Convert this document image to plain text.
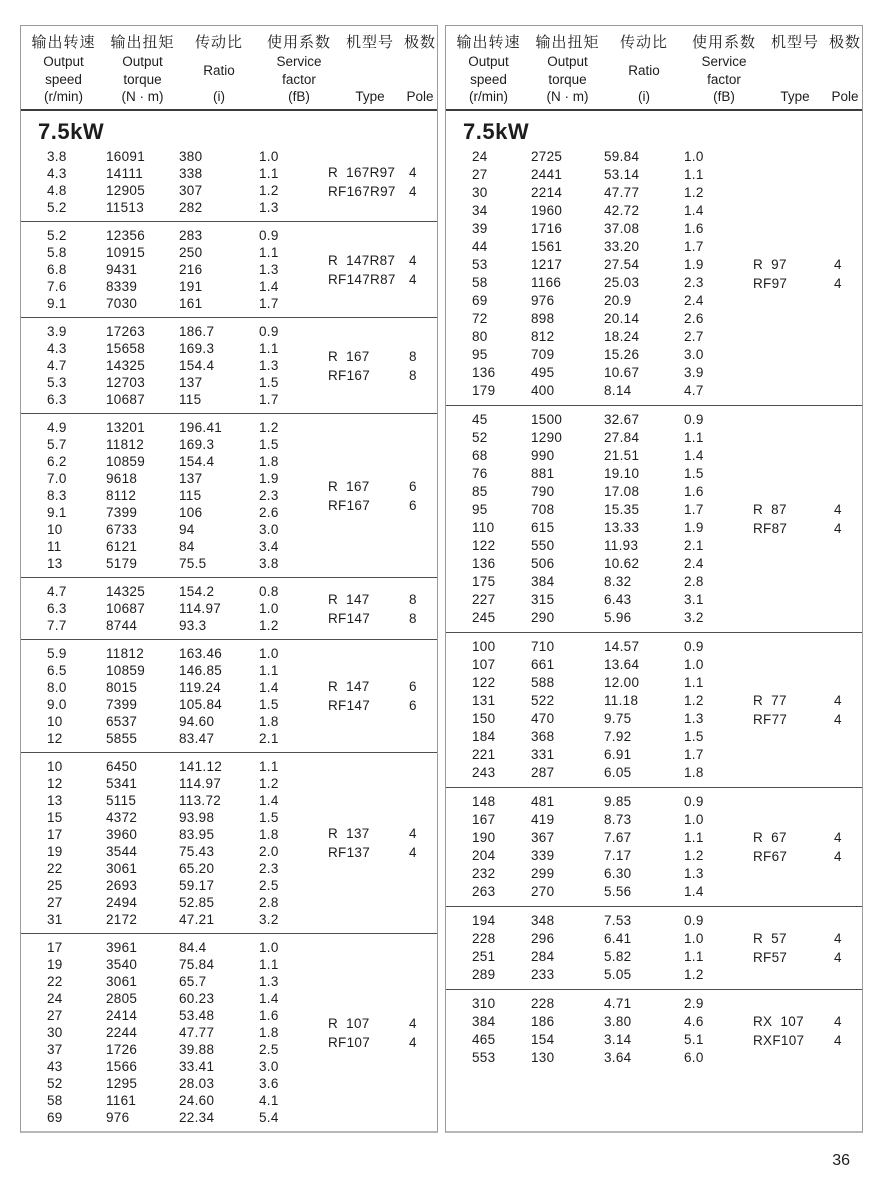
输出转速
Output
speed
(r/min)
输出扭矩
Output
torque
(N · m)
传动比
Ratio
(i)
使用系数
Service
factor
(fB)
机型号
Type
极数
Pole
7.5kW
3.8	16091	380	1.0
4.3	14111	338	1.1
4.8	12905	307	1.2
5.2	11513	282	1.3
R  167R97	4
RF167R97 4
5.2	12356	283	0.9
5.8	10915	250	1.1
6.8	9431	216	1.3
7.6	8339	191	1.4
9.1	7030	161	1.7
R  147R87	4
RF147R87 4
3.9	17263	186.7	0.9
4.3	15658	169.3	1.1
4.7	14325	154.4	1.3
5.3	12703	137	1.5
6.3	10687	115	1.7
R  167	8
RF167	8
4.9	13201	196.41	1.2
5.7	11812	169.3	1.5
6.2	10859	154.4	1.8
7.0	9618	137	1.9
8.3	8112	115	2.3
9.1	7399	106	2.6
10	6733	94	3.0
11	6121	84	3.4
13	5179	75.5	3.8
R  167	6
RF167	6
4.7	14325	154.2	0.8
6.3	10687	114.97	1.0
7.7	8744	93.3	1.2
R  147	8
RF147	8
5.9	11812	163.46	1.0
6.5	10859	146.85	1.1
8.0	8015	119.24	1.4
9.0	7399	105.84	1.5
10	6537	94.60	1.8
12	5855	83.47	2.1
R  147	6
RF147	6
10	6450	141.12	1.1
12	5341	114.97	1.2
13	5115	113.72	1.4
15	4372	93.98	1.5
17	3960	83.95	1.8
19	3544	75.43	2.0
22	3061	65.20	2.3
25	2693	59.17	2.5
27	2494	52.85	2.8
31	2172	47.21	3.2
R  137	4
RF137	4
17	3961	84.4	1.0
19	3540	75.84	1.1
22	3061	65.7	1.3
24	2805	60.23	1.4
27	2414	53.48	1.6
30	2244	47.77	1.8
37	1726	39.88	2.5
43	1566	33.41	3.0
52	1295	28.03	3.6
58	1161	24.60	4.1
69	976	22.34	5.4
R  107	4
RF107	4
输出转速
Output
speed
(r/min)
输出扭矩
Output
torque
(N · m)
传动比
Ratio
(i)
使用系数
Service
factor
(fB)
机型号
Type
极数
Pole
7.5kW
24	2725	59.84	1.0
27	2441	53.14	1.1
30	2214	47.77	1.2
34	1960	42.72	1.4
39	1716	37.08	1.6
44	1561	33.20	1.7
53	1217	27.54	1.9
58	1166	25.03	2.3
69	976	20.9	2.4
72	898	20.14	2.6
80	812	18.24	2.7
95	709	15.26	3.0
136	495	10.67	3.9
179	400	8.14	4.7
R  97	4
RF97	4
45	1500	32.67	0.9
52	1290	27.84	1.1
68	990	21.51	1.4
76	881	19.10	1.5
85	790	17.08	1.6
95	708	15.35	1.7
110	615	13.33	1.9
122	550	11.93	2.1
136	506	10.62	2.4
175	384	8.32	2.8
227	315	6.43	3.1
245	290	5.96	3.2
R  87	4
RF87	4
100	710	14.57	0.9
107	661	13.64	1.0
122	588	12.00	1.1
131	522	11.18	1.2
150	470	9.75	1.3
184	368	7.92	1.5
221	331	6.91	1.7
243	287	6.05	1.8
R  77	4
RF77	4
148	481	9.85	0.9
167	419	8.73	1.0
190	367	7.67	1.1
204	339	7.17	1.2
232	299	6.30	1.3
263	270	5.56	1.4
R  67	4
RF67	4
194	348	7.53	0.9
228	296	6.41	1.0
251	284	5.82	1.1
289	233	5.05	1.2
R  57	4
RF57	4
310	228	4.71	2.9
384	186	3.80	4.6
465	154	3.14	5.1
553	130	3.64	6.0
RX  107	4
RXF107	4
36
